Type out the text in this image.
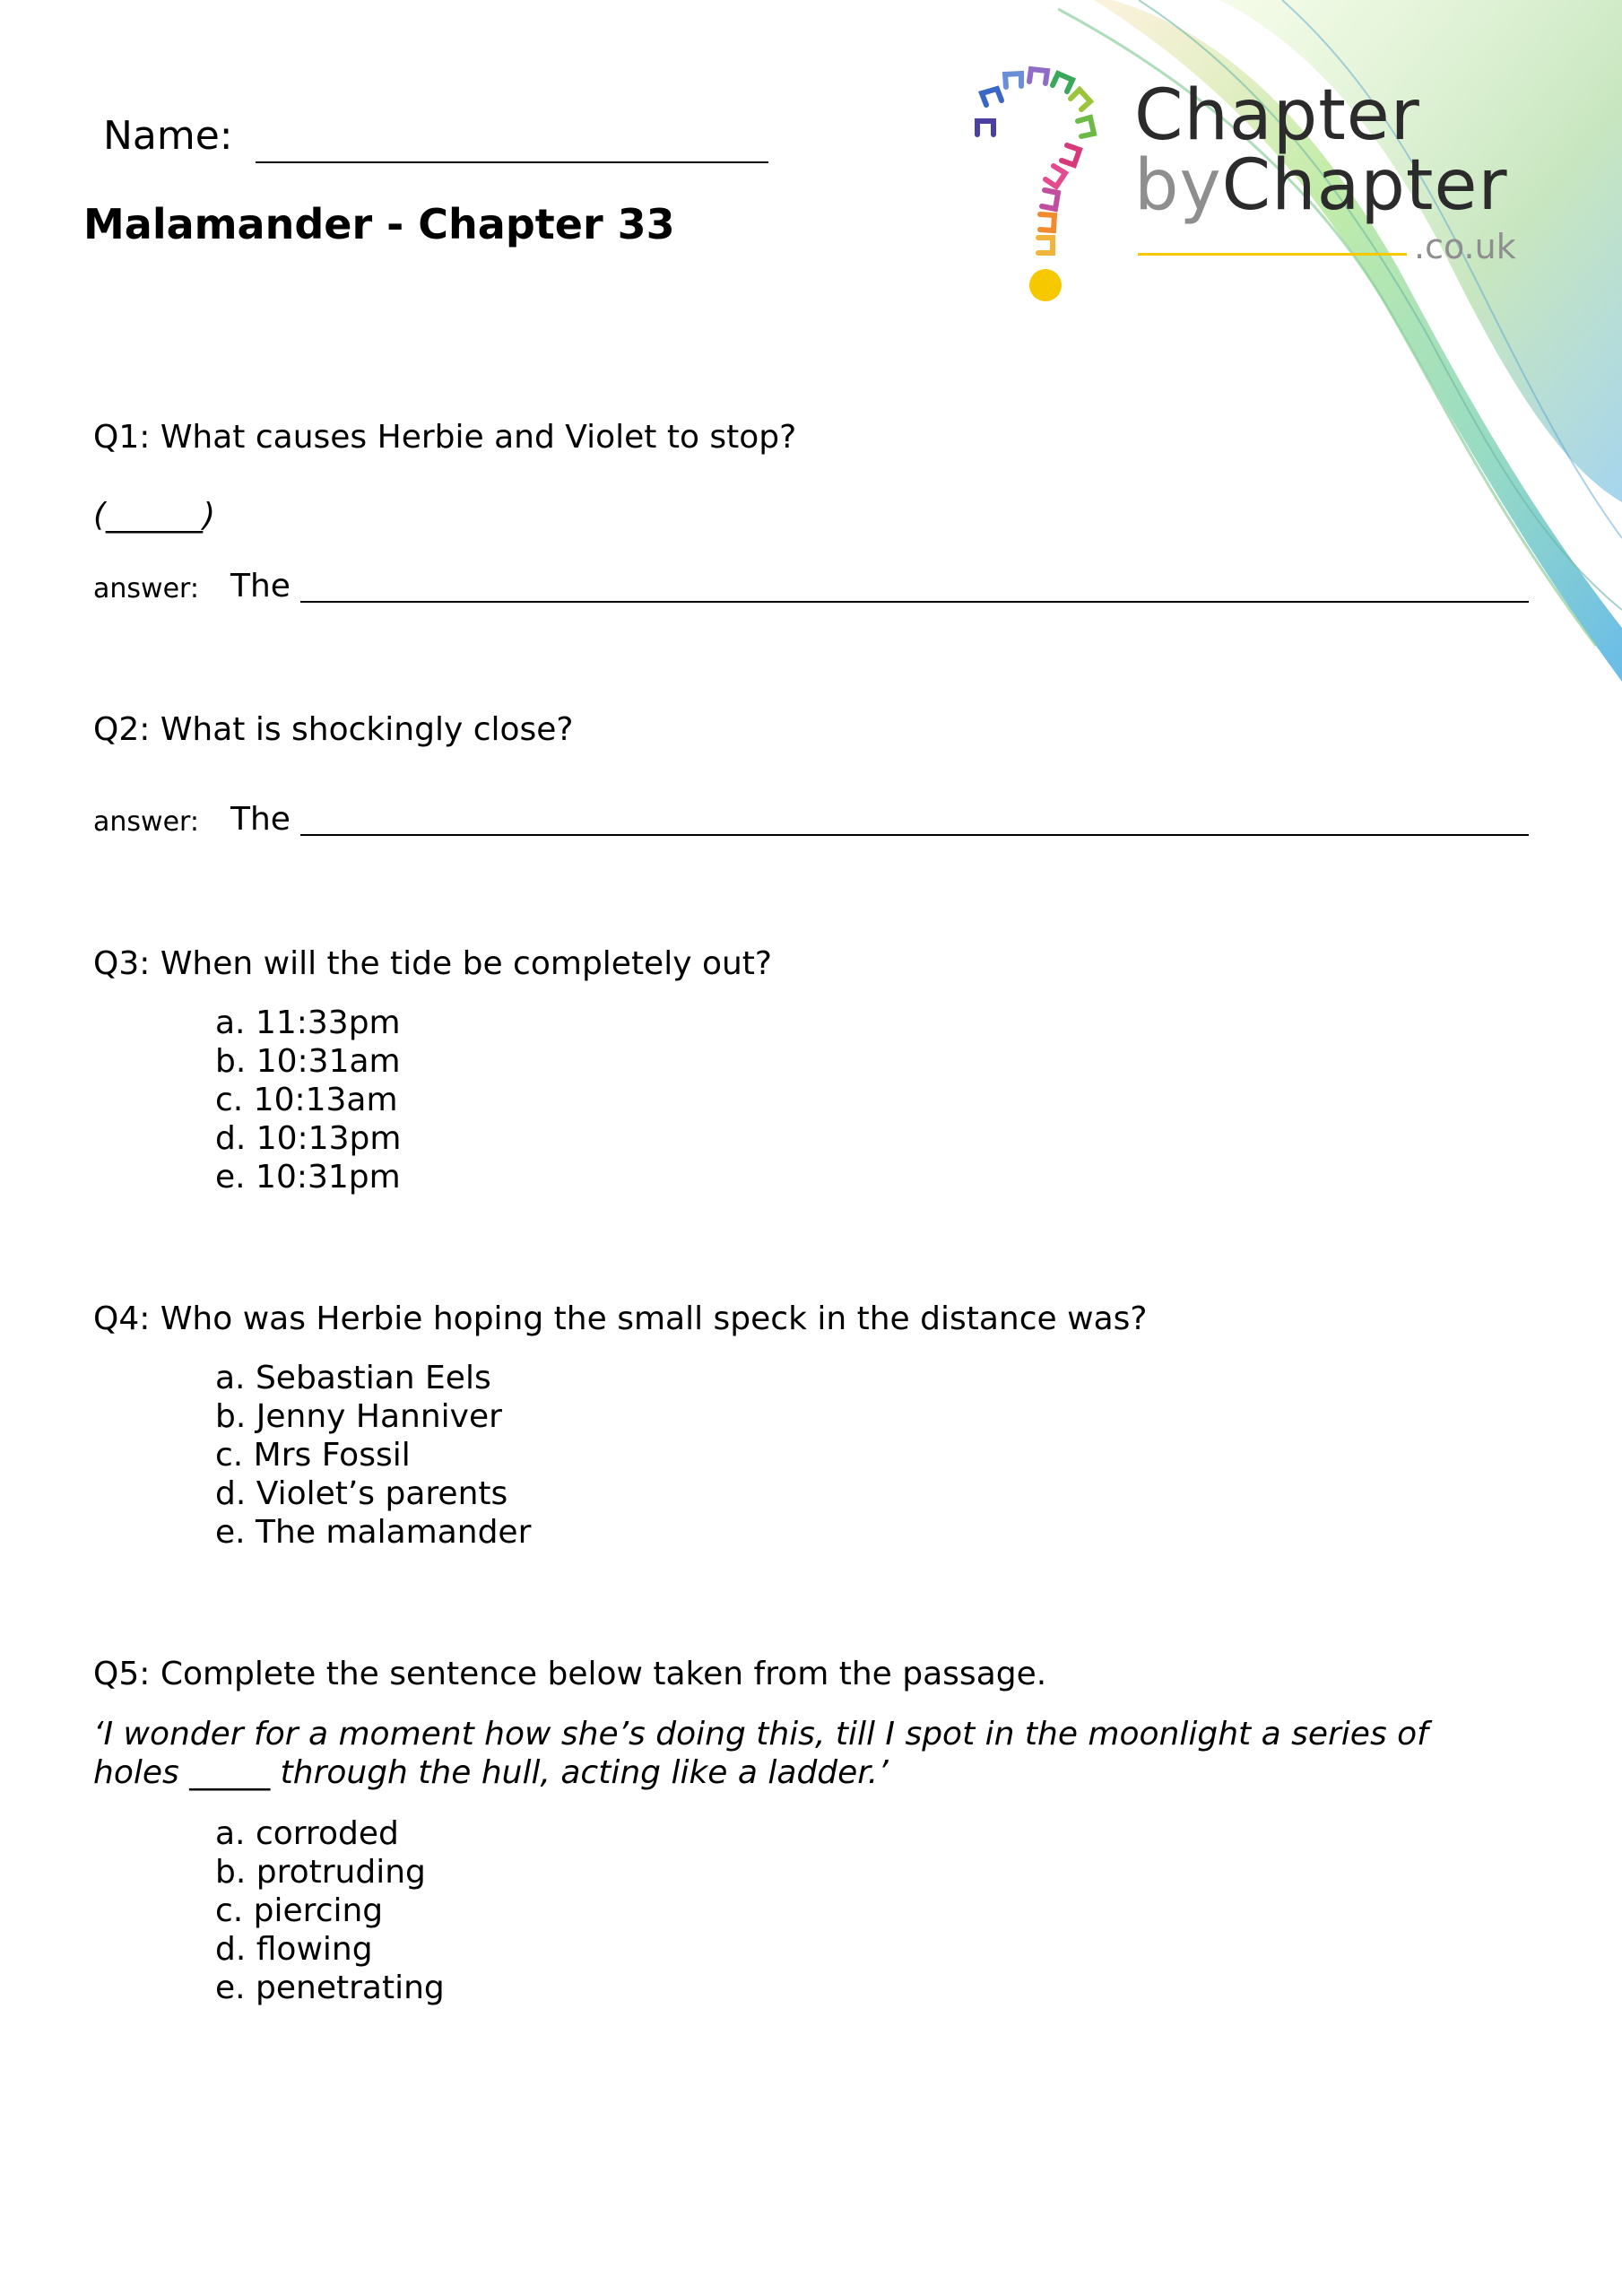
Chapter
byChapter
.co.uk
Name:
Malamander - Chapter 33
Q1: What causes Herbie and Violet to stop?
(______)
answer: The
Q2: What is shockingly close?
answer: The
Q3: When will the tide be completely out?
a. 11:33pm
b. 10:31am
c. 10:13am
d. 10:13pm
e. 10:31pm
Q4: Who was Herbie hoping the small speck in the distance was?
a. Sebastian Eels
b. Jenny Hanniver
c. Mrs Fossil
d. Violet’s parents
e. The malamander
Q5: Complete the sentence below taken from the passage.
‘I wonder for a moment how she’s doing this, till I spot in the moonlight a series of
holes _____ through the hull, acting like a ladder.’
a. corroded
b. protruding
c. piercing
d. flowing
e. penetrating
